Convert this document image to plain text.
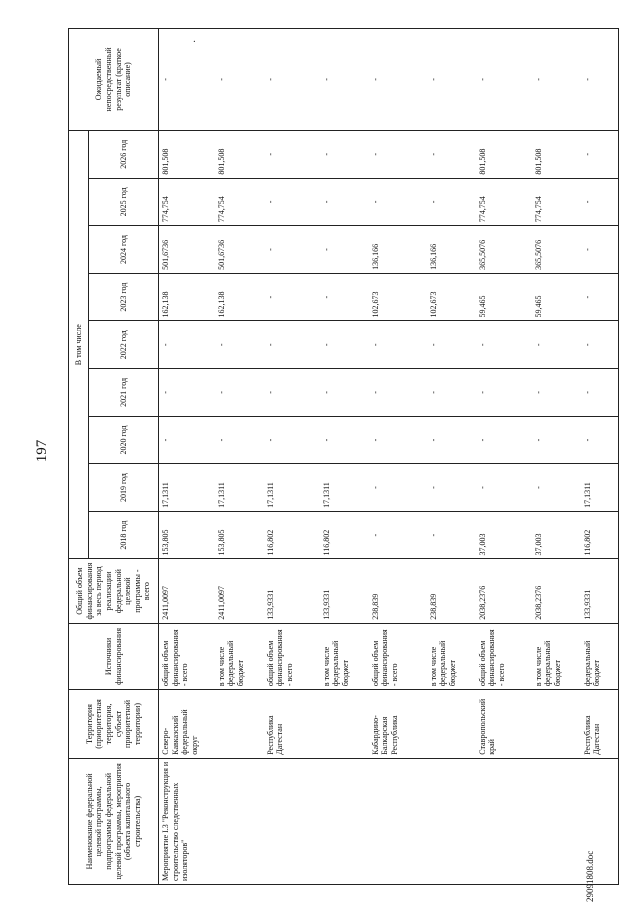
·
197
Наименование федеральной целевой программы, подпрограммы федеральной целевой программы, мероприятия (объекта капитального строительства)	Территория (приоритетная территория, субъект приоритетной территории)	Источники финансирования	Общий объем финансирования за весь период реализации федеральной целевой программы - всего	В том числе									Ожидаемый непосредственный результат (краткое описание)
				2018 год	2019 год	2020 год	2021 год	2022 год	2023 год	2024 год	2025 год	2026 год	
Мероприятие I.3 "Реконструкция и строительство следственных изоляторов"	Северо-Кавказский федеральный округ	общий объем финансирования - всего	2411,0097	153,805	17,1311	-	-	-	162,138	501,6736	774,754	801,508	-
		в том числе федеральный бюджет	2411,0097	153,805	17,1311	-	-	-	162,138	501,6736	774,754	801,508	-
	Республика Дагестан	общий объем финансирования - всего	133,9331	116,802	17,1311	-	-	-	-	-	-	-	-
		в том числе федеральный бюджет	133,9331	116,802	17,1311	-	-	-	-	-	-	-	-
	Кабардино-Балкарская Республика	общий объем финансирования - всего	238,839	-	-	-	-	-	102,673	136,166	-	-	-
		в том числе федеральный бюджет	238,839	-	-	-	-	-	102,673	136,166	-	-	-
	Ставропольский край	общий объем финансирования - всего	2038,2376	37,003	-	-	-	-	59,465	365,5076	774,754	801,508	-
		в том числе федеральный бюджет	2038,2376	37,003	-	-	-	-	59,465	365,5076	774,754	801,508	-
	Республика Дагестан	федеральный бюджет	133,9331	116,802	17,1311	-	-	-	-	-	-	-	-
29091808.doc
